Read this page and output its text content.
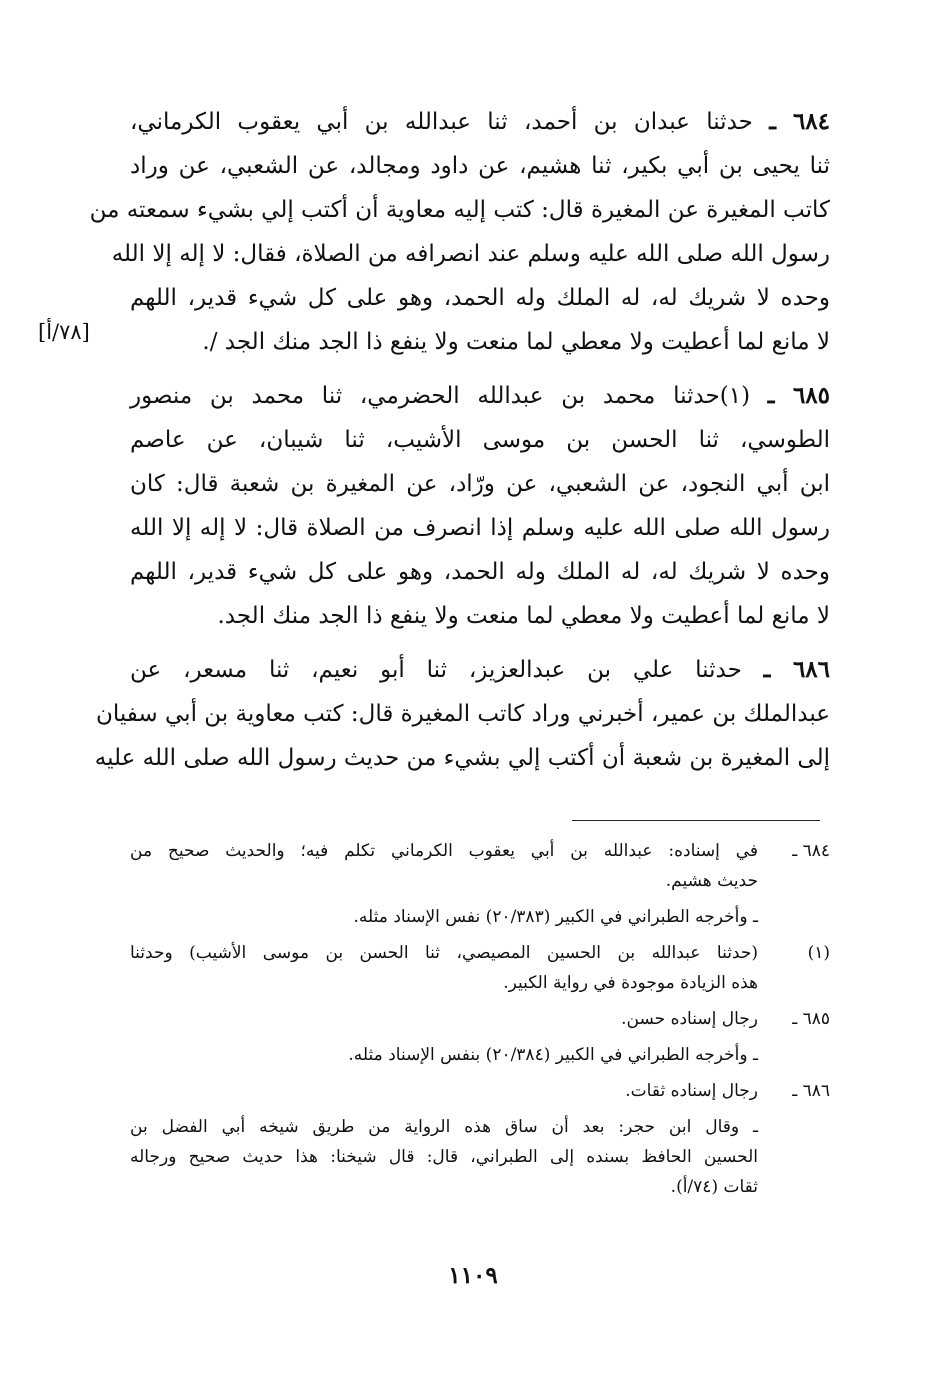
٦٨٤ ـ حدثنا عبدان بن أحمد، ثنا عبدالله بن أبي يعقوب الكرماني،
ثنا يحيى بن أبي بكير، ثنا هشيم، عن داود ومجالد، عن الشعبي، عن وراد
كاتب المغيرة عن المغيرة قال: كتب إليه معاوية أن أكتب إلي بشيء سمعته من
رسول الله صلى الله عليه وسلم عند انصرافه من الصلاة، فقال: لا إله إلا الله
وحده لا شريك له، له الملك وله الحمد، وهو على كل شيء قدير، اللهم
لا مانع لما أعطيت ولا معطي لما منعت ولا ينفع ذا الجد منك الجد /.
٦٨٥ ـ (١)حدثنا محمد بن عبدالله الحضرمي، ثنا محمد بن منصور
الطوسي، ثنا الحسن بن موسى الأشيب، ثنا شيبان، عن عاصم
ابن أبي النجود، عن الشعبي، عن ورّاد، عن المغيرة بن شعبة قال: كان
رسول الله صلى الله عليه وسلم إذا انصرف من الصلاة قال: لا إله إلا الله
وحده لا شريك له، له الملك وله الحمد، وهو على كل شيء قدير، اللهم
لا مانع لما أعطيت ولا معطي لما منعت ولا ينفع ذا الجد منك الجد.
٦٨٦ ـ حدثنا علي بن عبدالعزيز، ثنا أبو نعيم، ثنا مسعر، عن
عبدالملك بن عمير، أخبرني وراد كاتب المغيرة قال: كتب معاوية بن أبي سفيان
إلى المغيرة بن شعبة أن أكتب إلي بشيء من حديث رسول الله صلى الله عليه
[٧٨/أ]
٦٨٤ ـ
في إسناده: عبدالله بن أبي يعقوب الكرماني تكلم فيه؛ والحديث صحيح من
حديث هشيم.
ـ وأخرجه الطبراني في الكبير (٢٠/٣٨٣) نفس الإسناد مثله.
(١)
(حدثنا عبدالله بن الحسين المصيصي، ثنا الحسن بن موسى الأشيب) وحدثنا
هذه الزيادة موجودة في رواية الكبير.
٦٨٥ ـ
رجال إسناده حسن.
ـ وأخرجه الطبراني في الكبير (٢٠/٣٨٤) بنفس الإسناد مثله.
٦٨٦ ـ
رجال إسناده ثقات.
ـ وقال ابن حجر: بعد أن ساق هذه الرواية من طريق شيخه أبي الفضل بن
الحسين الحافظ بسنده إلى الطبراني، قال: قال شيخنا: هذا حديث صحيح ورجاله
ثقات (٧٤/أ).
١١٠٩
